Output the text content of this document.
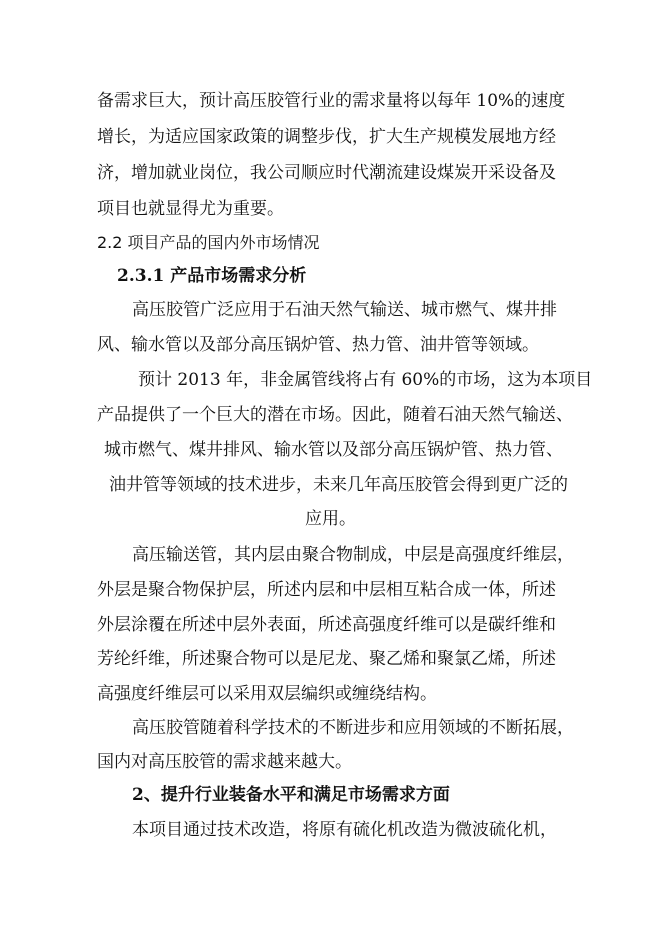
备需求巨大，预计高压胶管行业的需求量将以每年 10%的速度
增长，为适应国家政策的调整步伐，扩大生产规模发展地方经
济，增加就业岗位，我公司顺应时代潮流建设煤炭开采设备及
项目也就显得尤为重要。
2.2 项目产品的国内外市场情况
2.3.1 产品市场需求分析
高压胶管广泛应用于石油天然气输送、城市燃气、煤井排
风、输水管以及部分高压锅炉管、热力管、油井管等领域。
预计 2013 年，非金属管线将占有 60%的市场，这为本项目
产品提供了一个巨大的潜在市场。因此，随着石油天然气输送、
城市燃气、煤井排风、输水管以及部分高压锅炉管、热力管、
油井管等领域的技术进步，未来几年高压胶管会得到更广泛的
应用。
高压输送管，其内层由聚合物制成，中层是高强度纤维层，
外层是聚合物保护层，所述内层和中层相互粘合成一体，所述
外层涂覆在所述中层外表面，所述高强度纤维可以是碳纤维和
芳纶纤维，所述聚合物可以是尼龙、聚乙烯和聚氯乙烯，所述
高强度纤维层可以采用双层编织或缠绕结构。
高压胶管随着科学技术的不断进步和应用领域的不断拓展，
国内对高压胶管的需求越来越大。
2、提升行业装备水平和满足市场需求方面
本项目通过技术改造，将原有硫化机改造为微波硫化机，
